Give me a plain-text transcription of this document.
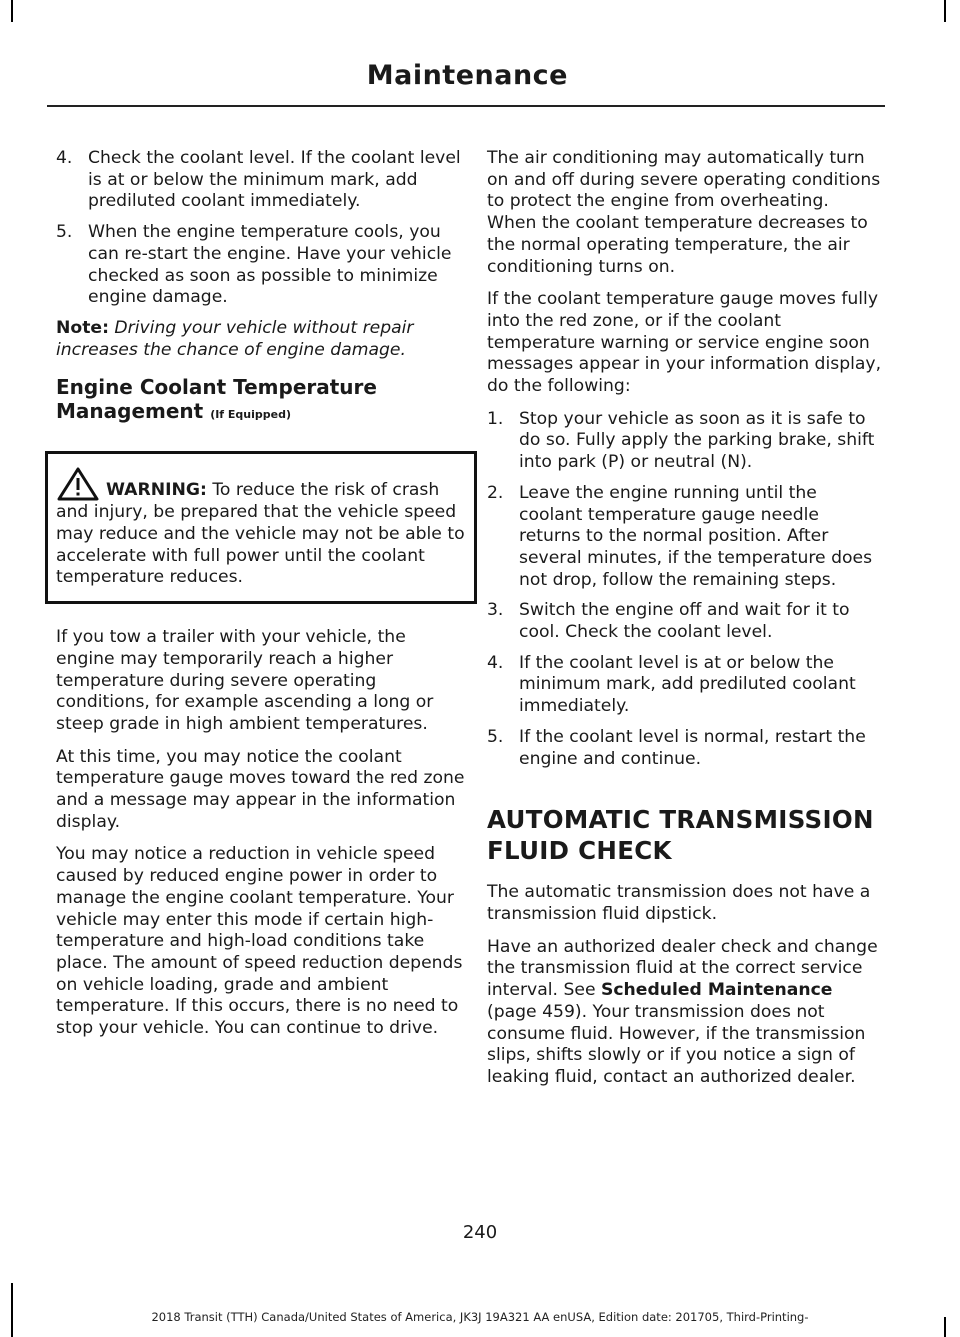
Maintenance
4. Check the coolant level. If the coolant level is at or below the minimum mark, add prediluted coolant immediately.
5. When the engine temperature cools, you can re-start the engine. Have your vehicle checked as soon as possible to minimize engine damage.

Note: Driving your vehicle without repair increases the chance of engine damage.

Engine Coolant Temperature Management (If Equipped)
WARNING: To reduce the risk of crash and injury, be prepared that the vehicle speed may reduce and the vehicle may not be able to accelerate with full power until the coolant temperature reduces.

If you tow a trailer with your vehicle, the engine may temporarily reach a higher temperature during severe operating conditions, for example ascending a long or steep grade in high ambient temperatures.

At this time, you may notice the coolant temperature gauge moves toward the red zone and a message may appear in the information display.

You may notice a reduction in vehicle speed caused by reduced engine power in order to manage the engine coolant temperature. Your vehicle may enter this mode if certain high-temperature and high-load conditions take place. The amount of speed reduction depends on vehicle loading, grade and ambient temperature. If this occurs, there is no need to stop your vehicle. You can continue to drive.

The air conditioning may automatically turn on and off during severe operating conditions to protect the engine from overheating. When the coolant temperature decreases to the normal operating temperature, the air conditioning turns on.

If the coolant temperature gauge moves fully into the red zone, or if the coolant temperature warning or service engine soon messages appear in your information display, do the following:

1. Stop your vehicle as soon as it is safe to do so. Fully apply the parking brake, shift into park (P) or neutral (N).
2. Leave the engine running until the coolant temperature gauge needle returns to the normal position. After several minutes, if the temperature does not drop, follow the remaining steps.
3. Switch the engine off and wait for it to cool. Check the coolant level.
4. If the coolant level is at or below the minimum mark, add prediluted coolant immediately.
5. If the coolant level is normal, restart the engine and continue.
AUTOMATIC TRANSMISSION FLUID CHECK

The automatic transmission does not have a transmission fluid dipstick.

Have an authorized dealer check and change the transmission fluid at the correct service interval. See Scheduled Maintenance (page 459). Your transmission does not consume fluid. However, if the transmission slips, shifts slowly or if you notice a sign of leaking fluid, contact an authorized dealer.

240
2018 Transit (TTH) Canada/United States of America, JK3J 19A321 AA enUSA, Edition date: 201705, Third-Printing-
